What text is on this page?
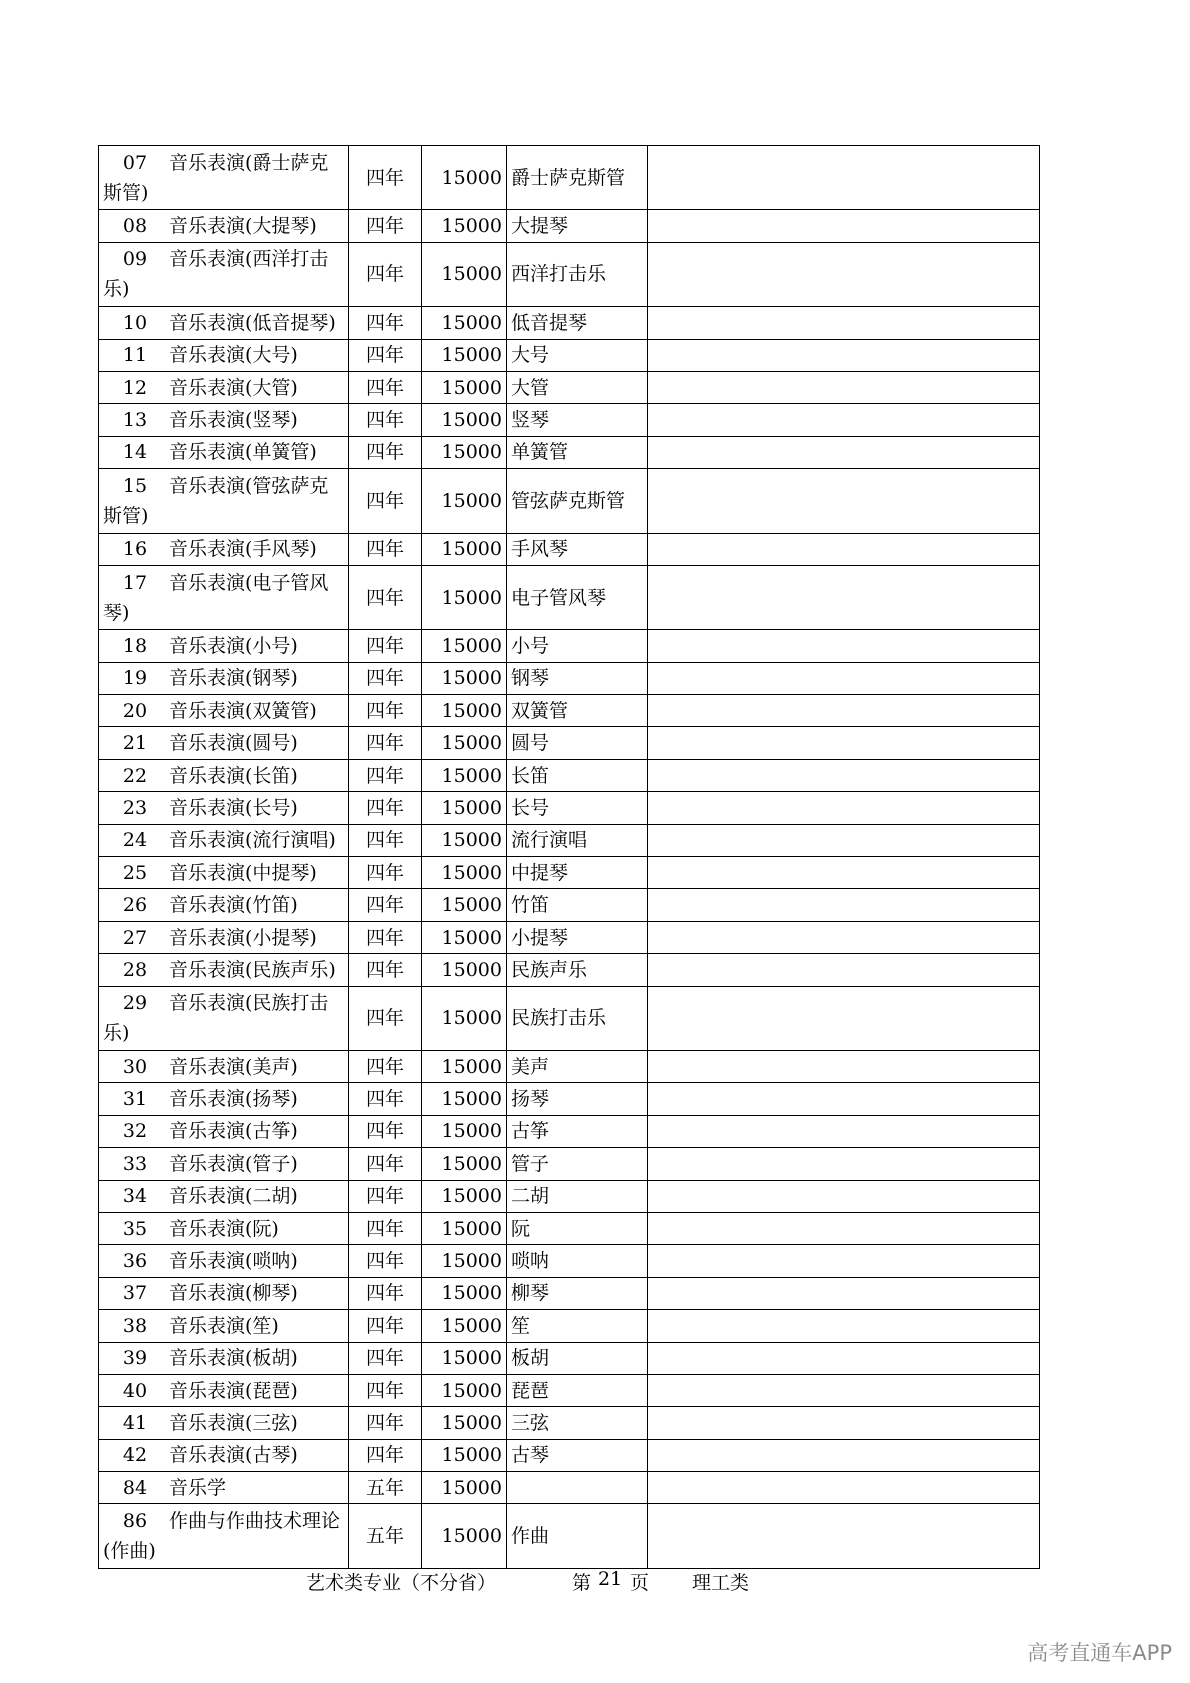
07 音乐表演(爵士萨克斯管)	四年	15000	爵士萨克斯管	
08 音乐表演(大提琴)	四年	15000	大提琴	
09 音乐表演(西洋打击乐)	四年	15000	西洋打击乐	
10 音乐表演(低音提琴)	四年	15000	低音提琴	
11 音乐表演(大号)	四年	15000	大号	
12 音乐表演(大管)	四年	15000	大管	
13 音乐表演(竖琴)	四年	15000	竖琴	
14 音乐表演(单簧管)	四年	15000	单簧管	
15 音乐表演(管弦萨克斯管)	四年	15000	管弦萨克斯管	
16 音乐表演(手风琴)	四年	15000	手风琴	
17 音乐表演(电子管风琴)	四年	15000	电子管风琴	
18 音乐表演(小号)	四年	15000	小号	
19 音乐表演(钢琴)	四年	15000	钢琴	
20 音乐表演(双簧管)	四年	15000	双簧管	
21 音乐表演(圆号)	四年	15000	圆号	
22 音乐表演(长笛)	四年	15000	长笛	
23 音乐表演(长号)	四年	15000	长号	
24 音乐表演(流行演唱)	四年	15000	流行演唱	
25 音乐表演(中提琴)	四年	15000	中提琴	
26 音乐表演(竹笛)	四年	15000	竹笛	
27 音乐表演(小提琴)	四年	15000	小提琴	
28 音乐表演(民族声乐)	四年	15000	民族声乐	
29 音乐表演(民族打击乐)	四年	15000	民族打击乐	
30 音乐表演(美声)	四年	15000	美声	
31 音乐表演(扬琴)	四年	15000	扬琴	
32 音乐表演(古筝)	四年	15000	古筝	
33 音乐表演(管子)	四年	15000	管子	
34 音乐表演(二胡)	四年	15000	二胡	
35 音乐表演(阮)	四年	15000	阮	
36 音乐表演(唢呐)	四年	15000	唢呐	
37 音乐表演(柳琴)	四年	15000	柳琴	
38 音乐表演(笙)	四年	15000	笙	
39 音乐表演(板胡)	四年	15000	板胡	
40 音乐表演(琵琶)	四年	15000	琵琶	
41 音乐表演(三弦)	四年	15000	三弦	
42 音乐表演(古琴)	四年	15000	古琴	
84 音乐学	五年	15000		
86 作曲与作曲技术理论(作曲)	五年	15000	作曲	
艺术类专业（不分省）	第 21 页 理工类
高考直通车APP
